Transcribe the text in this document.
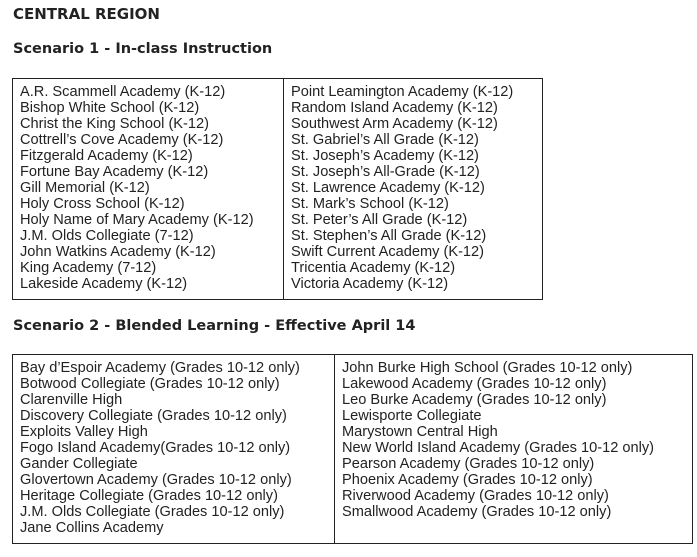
CENTRAL REGION
Scenario 1 - In-class Instruction
A.R. Scammell Academy (K-12)
Bishop White School (K-12)
Christ the King School (K-12)
Cottrell’s Cove Academy (K-12)
Fitzgerald Academy (K-12)
Fortune Bay Academy (K-12)
Gill Memorial (K-12)
Holy Cross School (K-12)
Holy Name of Mary Academy (K-12)
J.M. Olds Collegiate (7-12)
John Watkins Academy (K-12)
King Academy (7-12)
Lakeside Academy (K-12)

Point Leamington Academy (K-12)
Random Island Academy (K-12)
Southwest Arm Academy (K-12)
St. Gabriel’s All Grade (K-12)
St. Joseph’s Academy (K-12)
St. Joseph’s All-Grade (K-12)
St. Lawrence Academy (K-12)
St. Mark’s School (K-12)
St. Peter’s All Grade (K-12)
St. Stephen’s All Grade (K-12)
Swift Current Academy (K-12)
Tricentia Academy (K-12)
Victoria Academy (K-12)
Scenario 2 - Blended Learning - Effective April 14
Bay d’Espoir Academy (Grades 10-12 only)
Botwood Collegiate (Grades 10-12 only)
Clarenville High
Discovery Collegiate (Grades 10-12 only)
Exploits Valley High
Fogo Island Academy(Grades 10-12 only)
Gander Collegiate
Glovertown Academy (Grades 10-12 only)
Heritage Collegiate (Grades 10-12 only)
J.M. Olds Collegiate (Grades 10-12 only)
Jane Collins Academy

John Burke High School (Grades 10-12 only)
Lakewood Academy (Grades 10-12 only)
Leo Burke Academy (Grades 10-12 only)
Lewisporte Collegiate
Marystown Central High
New World Island Academy (Grades 10-12 only)
Pearson Academy (Grades 10-12 only)
Phoenix Academy (Grades 10-12 only)
Riverwood Academy (Grades 10-12 only)
Smallwood Academy (Grades 10-12 only)
